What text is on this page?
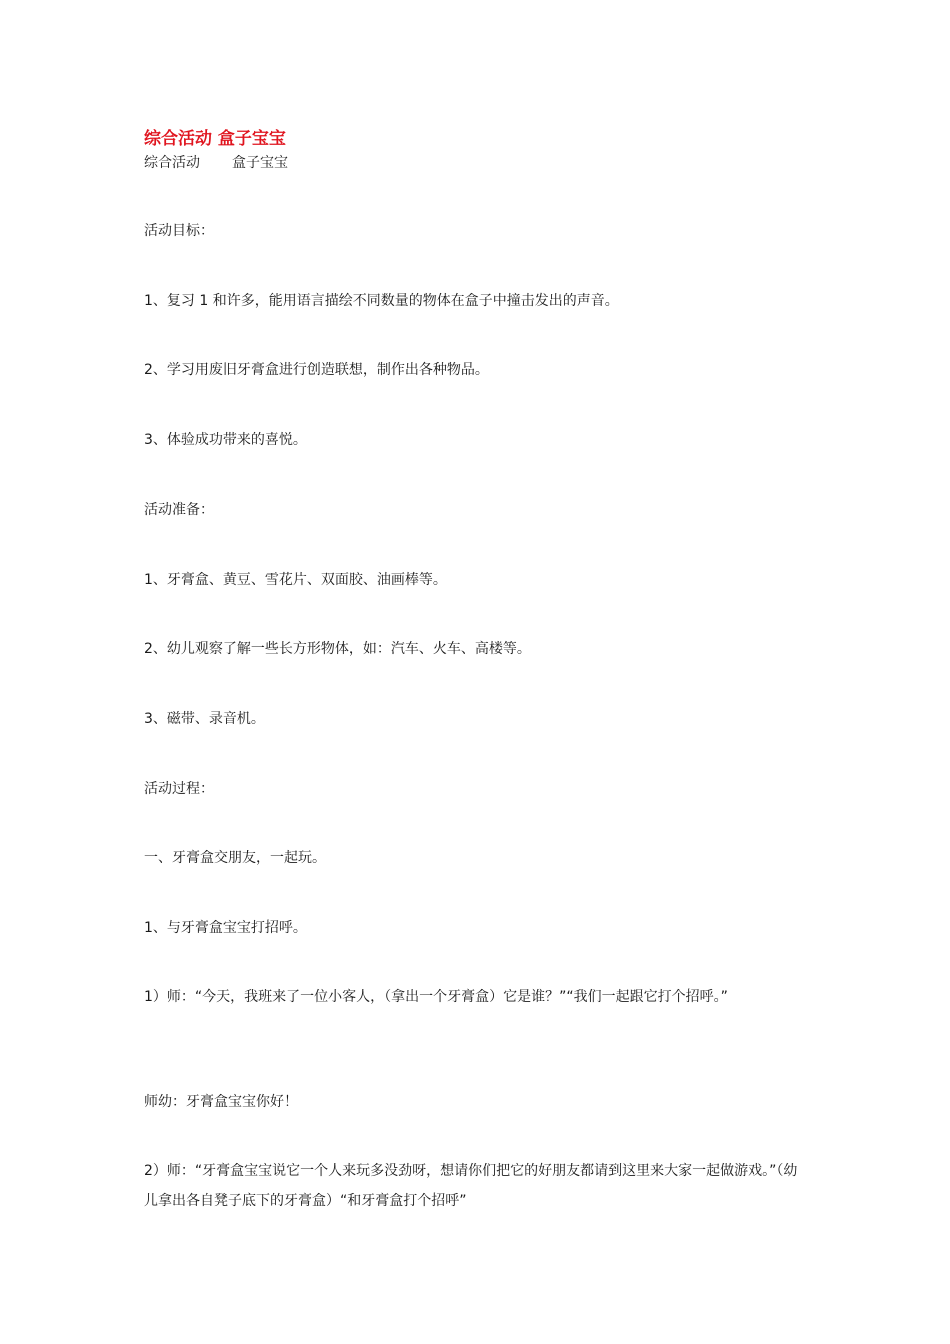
综合活动 盒子宝宝
综合活动 盒子宝宝
活动目标：
1、复习 1 和许多，能用语言描绘不同数量的物体在盒子中撞击发出的声音。
2、学习用废旧牙膏盒进行创造联想，制作出各种物品。
3、体验成功带来的喜悦。
活动准备：
1、牙膏盒、黄豆、雪花片、双面胶、油画棒等。
2、幼儿观察了解一些长方形物体，如：汽车、火车、高楼等。
3、磁带、录音机。
活动过程：
一、牙膏盒交朋友，一起玩。
1、与牙膏盒宝宝打招呼。
1）师：“今天，我班来了一位小客人，（拿出一个牙膏盒）它是谁？”“我们一起跟它打个招呼。”
师幼：牙膏盒宝宝你好！
2）师：“牙膏盒宝宝说它一个人来玩多没劲呀，想请你们把它的好朋友都请到这里来大家一起做游戏。”（幼儿拿出各自凳子底下的牙膏盒）“和牙膏盒打个招呼”
